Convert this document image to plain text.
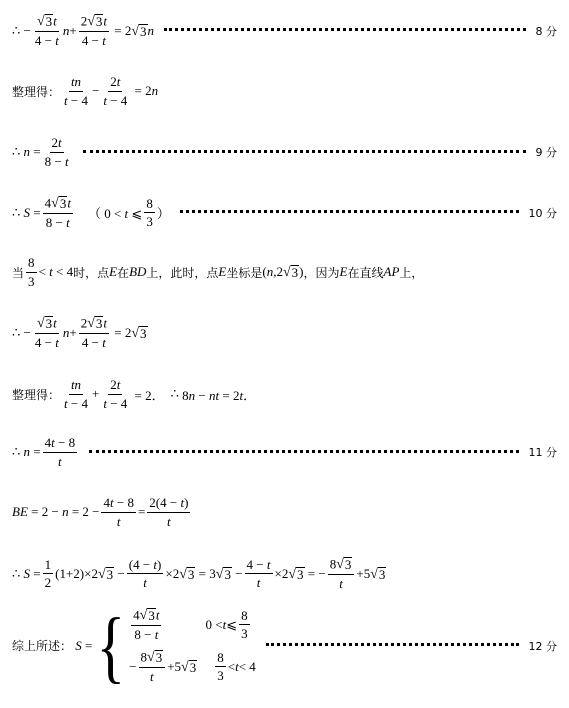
∴ − $\frac{√ 3 t}{4 - t}$ $n + \frac{2 √ 3 t}{4 - t} = 2$ √ 3 n	8 分
整理得： $\frac{tn}{t - 4} - \frac{2t}{t - 4} = 2n$
∴ $n = \frac{2t}{8 - t}$	9 分
∴ $S = \frac{4 √ 3 t}{8 - t}$ （ 0 < t ⩽ $\frac{8}{3}$ ）	10 分
当 $\frac{8}{3} < t < 4$ 时，点 E 在 BD 上，此时，点 E 坐标是 (n,2 √ 3 ) ，因为 E 在直线 AP 上，
∴ − $\frac{√ 3 t}{4 - t}$ $n + \frac{2 √ 3 t}{4 - t} = 2$ √ 3
整理得： $\frac{tn}{t - 4} + \frac{2t}{t - 4} = 2$． ∴ 8n − nt = 2t．
∴ $n = \frac{4t - 8}{t}$	11 分
BE = $2 - n = 2 - \frac{4t - 8}{t} = \frac{2(4 - t)}{t}$
∴ $S = \frac{1}{2} (1+2)\times 2$ √ $3 - \frac{(4 - t)}{t} \times 2$ √ 3 = 3 √ $3 - \frac{4 - t}{t} \times 2$ √ 3 = − $\frac{8 √ 3}{t} +5$ √ 3
综上所述： S = { $\frac{4 √ 3 t}{8 - t}$	0 < t ⩽ $\frac{8}{3}$
− $\frac{8 √ 3}{t} +5$ √ $3 \frac{8}{3} < t < 4$
12 分
